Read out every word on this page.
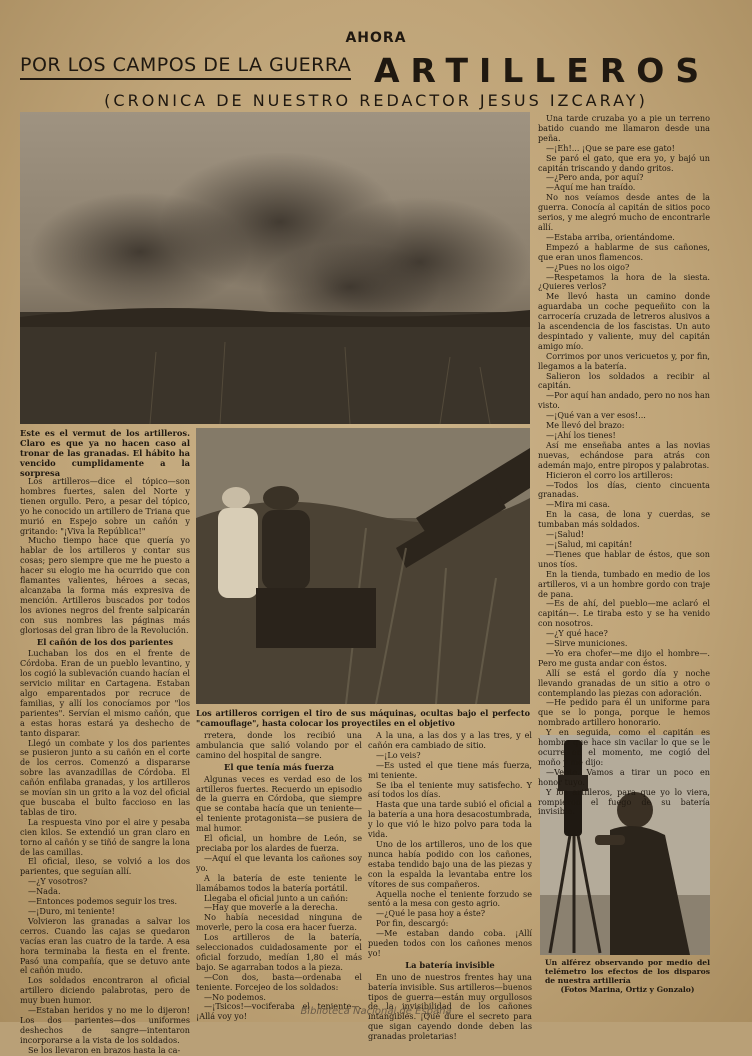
AHORA
POR LOS CAMPOS DE LA GUERRA ARTILLEROS
(CRONICA DE NUESTRO REDACTOR JESUS IZCARAY)
Este es el vermut de los artilleros. Claro es que ya no hacen caso al tronar de las granadas. El hábito ha vencido cumplidamente a la sorpresa
Los artilleros corrigen el tiro de sus máquinas, ocultas bajo el perfecto "camouflage", hasta colocar los proyectiles en el objetivo
Un alférez observando por medio del telémetro los efectos de los disparos de nuestra artillería
(Fotos Marina, Ortiz y Gonzalo)

Los artilleros—dice el tópico—son hombres fuertes, salen del Norte y tienen orgullo. Pero, a pesar del tópico, yo he conocido un artillero de Triana que murió en Espejo sobre un cañón y gritando: "¡Viva la República!"

Mucho tiempo hace que quería yo hablar de los artilleros y contar sus cosas; pero siempre que me he puesto a hacer su elogio me ha ocurrido que con flamantes valientes, héroes a secas, alcanzaba la forma más expresiva de mención. Artilleros buscados por todos los aviones negros del frente salpicarán con sus nombres las páginas más gloriosas del gran libro de la Revolución.

El cañón de los dos parientes

Luchaban los dos en el frente de Córdoba. Eran de un pueblo levantino, y los cogió la sublevación cuando hacían el servicio militar en Cartagena. Estaban algo emparentados por recruce de familias, y allí los conocíamos por "los parientes". Servían el mismo cañón, que a estas horas estará ya deshecho de tanto disparar.

Llegó un combate y los dos parientes se pusieron junto a su cañón en el corte de los cerros. Comenzó a dispararse sobre las avanzadillas de Córdoba. El cañón enfilaba granadas, y los artilleros se movían sin un grito a la voz del oficial que buscaba el bulto faccioso en las tablas de tiro.

La respuesta vino por el aire y pesaba cien kilos. Se extendió un gran claro en torno al cañón y se tiñó de sangre la lona de las camillas.

El oficial, ileso, se volvió a los dos parientes, que seguían allí.

—¿Y vosotros?

—Nada.

—Entonces podemos seguir los tres.

—¡Duro, mi teniente!

Volvieron las granadas a salvar los cerros. Cuando las cajas se quedaron vacías eran las cuatro de la tarde. A esa hora terminaba la fiesta en el frente. Pasó una compañía, que se detuvo ante el cañón mudo.

Los soldados encontraron al oficial artillero diciendo palabrotas, pero de muy buen humor.

—Estaban heridos y no me lo dijeron! Los dos parientes—dos uniformes deshechos de sangre—intentaron incorporarse a la vista de los soldados.

Se los llevaron en brazos hasta la ca-

rretera, donde los recibió una ambulancia que salió volando por el camino del hospital de sangre.

El que tenía más fuerza

Algunas veces es verdad eso de los artilleros fuertes. Recuerdo un episodio de la guerra en Córdoba, que siempre que se contaba hacía que un teniente—el teniente protagonista—se pusiera de mal humor.

El oficial, un hombre de León, se preciaba por los alardes de fuerza.

—Aquí el que levanta los cañones soy yo.

A la batería de este teniente le llamábamos todos la batería portátil.

Llegaba el oficial junto a un cañón:

—Hay que moverle a la derecha.

No había necesidad ninguna de moverle, pero la cosa era hacer fuerza.

Los artilleros de la batería, seleccionados cuidadosamente por el oficial forzudo, medían 1,80 el más bajo. Se agarraban todos a la pieza.

—Con dos, basta—ordenaba el teniente. Forcejeo de los soldados:

—No podemos.

—¡Tsicos!—vociferaba el teniente—. ¡Allá voy yo!

A la una, a las dos y a las tres, y el cañón era cambiado de sitio.

—¡Lo veis?

—Es usted el que tiene más fuerza, mi teniente.

Se iba el teniente muy satisfecho. Y así todos los días.

Hasta que una tarde subió el oficial a la batería a una hora desacostumbrada, y lo que vió le hizo polvo para toda la vida.

Uno de los artilleros, uno de los que nunca había podido con los cañones, estaba tendido bajo una de las piezas y con la espalda la levantaba entre los vítores de sus compañeros.

Aquella noche el teniente forzudo se sentó a la mesa con gesto agrio.

—¿Qué le pasa hoy a éste?

Por fin, descargó:

—Me estaban dando coba. ¡Allí pueden todos con los cañones menos yo!

La batería invisible

En uno de nuestros frentes hay una batería invisible. Sus artilleros—buenos tipos de guerra—están muy orgullosos de la invisibilidad de los cañones intangibles. ¡Qué dure el secreto para que sigan cayendo donde deben las granadas proletarias!

Una tarde cruzaba yo a pie un terreno batido cuando me llamaron desde una peña.

—¡Eh!... ¡Que se pare ese gato!

Se paró el gato, que era yo, y bajó un capitán triscando y dando gritos.

—¿Pero anda, por aquí?

—Aquí me han traído.

No nos veíamos desde antes de la guerra. Conocía al capitán de sitios poco serios, y me alegró mucho de encontrarle allí.

—Estaba arriba, orientándome.

Empezó a hablarme de sus cañones, que eran unos flamencos.

—¿Pues no los oigo?

—Respetamos la hora de la siesta. ¿Quieres verlos?

Me llevó hasta un camino donde aguardaba un coche pequeñito con la carrocería cruzada de letreros alusivos a la ascendencia de los fascistas. Un auto despintado y valiente, muy del capitán amigo mío.

Corrimos por unos vericuetos y, por fin, llegamos a la batería.

Salieron los soldados a recibir al capitán.

—Por aquí han andado, pero no nos han visto.

—¡Qué van a ver esos!...

Me llevó del brazo:

—¡Ahí los tienes!

Así me enseñaba antes a las novias nuevas, echándose para atrás con ademán majo, entre piropos y palabrotas.

Hicieron el corro los artilleros:

—Todos los días, ciento cincuenta granadas.

—Mira mi casa.

En la casa, de lona y cuerdas, se tumbaban más soldados.

—¡Salud!

—¡Salud, mi capitán!

—Tienes que hablar de éstos, que son unos tíos.

En la tienda, tumbado en medio de los artilleros, vi a un hombre gordo con traje de pana.

—Es de ahí, del pueblo—me aclaró el capitán—. Le tiraba esto y se ha venido con nosotros.

—¿Y qué hace?

—Sirve municiones.

—Yo era chofer—me dijo el hombre—. Pero me gusta andar con éstos.

Allí se está el gordo día y noche llevando granadas de un sitio a otro o contemplando las piezas con adoración.

—He pedido para él un uniforme para que se lo ponga, porque le hemos nombrado artillero honorario.

Y en seguida, como el capitán es hombre que hace sin vacilar lo que se le ocurre en el momento, me cogió del moño y me dijo:

—Vente. Vamos a tirar un poco en honor tuyo.

Y los artilleros, para que yo lo viera, rompieron el fuego de su batería invisible.

Biblioteca Nacional de España
